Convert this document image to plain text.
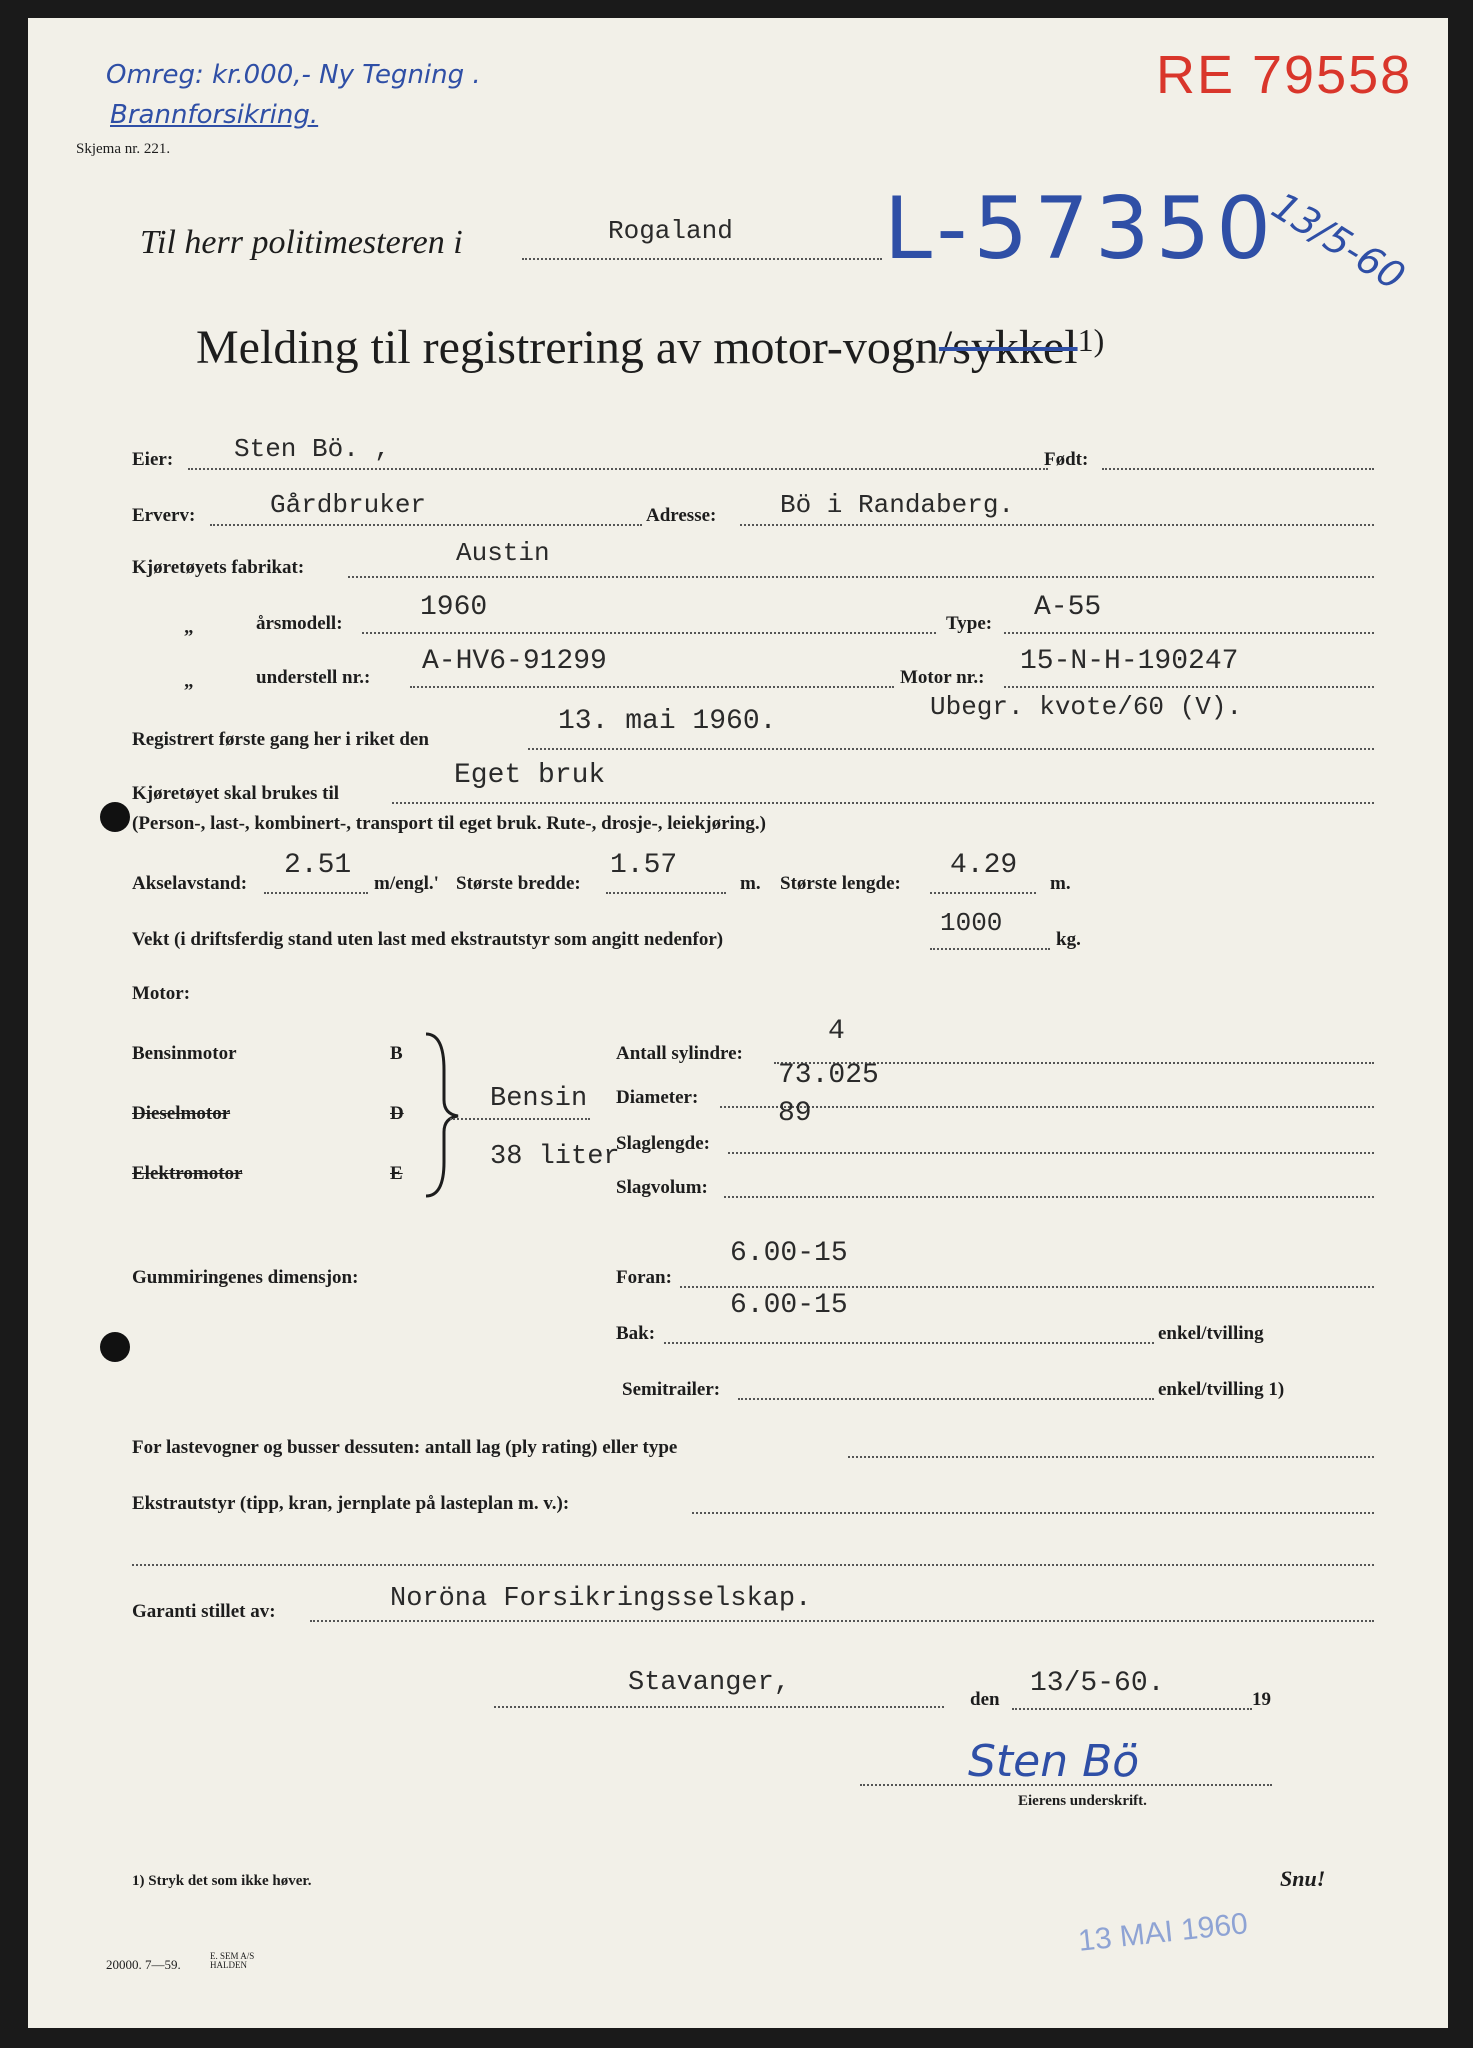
Omreg: kr.000,- Ny Tegning .
Brannforsikring.
Skjema nr. 221.
RE 79558
Til herr politimesteren i	Rogaland L-57350
13/5-60
Melding til registrering av motor-vogn/sykkel$^{1)}$
Eier: Sten Bö. ,	Født:
Erverv:	Gårdbruker	Adresse: Bö i Randaberg.
Kjøretøyets fabrikat:	Austin
„	årsmodell:
1960
Type:
A-55
„	understell nr.:
A-HV6-91299
Motor nr.:
15-N-H-190247
Ubegr. kvote/60 (V).
Registrert første gang her i riket den
13. mai 1960.
Kjøretøyet skal brukes til
Eget bruk
(Person-, last-, kombinert-, transport til eget bruk. Rute-, drosje-, leiekjøring.)
Akselavstand:
2.51
m/engl.' Største bredde:
1.57
m. Største lengde:
4.29
m.
Vekt (i driftsferdig stand uten last med ekstrautstyr som angitt nedenfor)
1000
kg.
Motor:
Bensinmotor	B
Dieselmotor	D
Elektromotor	E
Bensin
38 liter
Antall sylindre:
4
Diameter:
73.025
Slaglengde:
89
Slagvolum:
Gummiringenes dimensjon:	Foran:
6.00-15
Bak:
6.00-15
enkel/tvilling
Semitrailer:	enkel/tvilling 1)
For lastevogner og busser dessuten: antall lag (ply rating) eller type
Ekstrautstyr (tipp, kran, jernplate på lasteplan m. v.):
Garanti stillet av:	Noröna Forsikringsselskap.
Stavanger,
den
13/5-60.
19
Sten Bö
Eierens underskrift.
1) Stryk det som ikke høver.	Snu!
20000. 7—59.
E. SEM A/S HALDEN
13 MAI 1960
